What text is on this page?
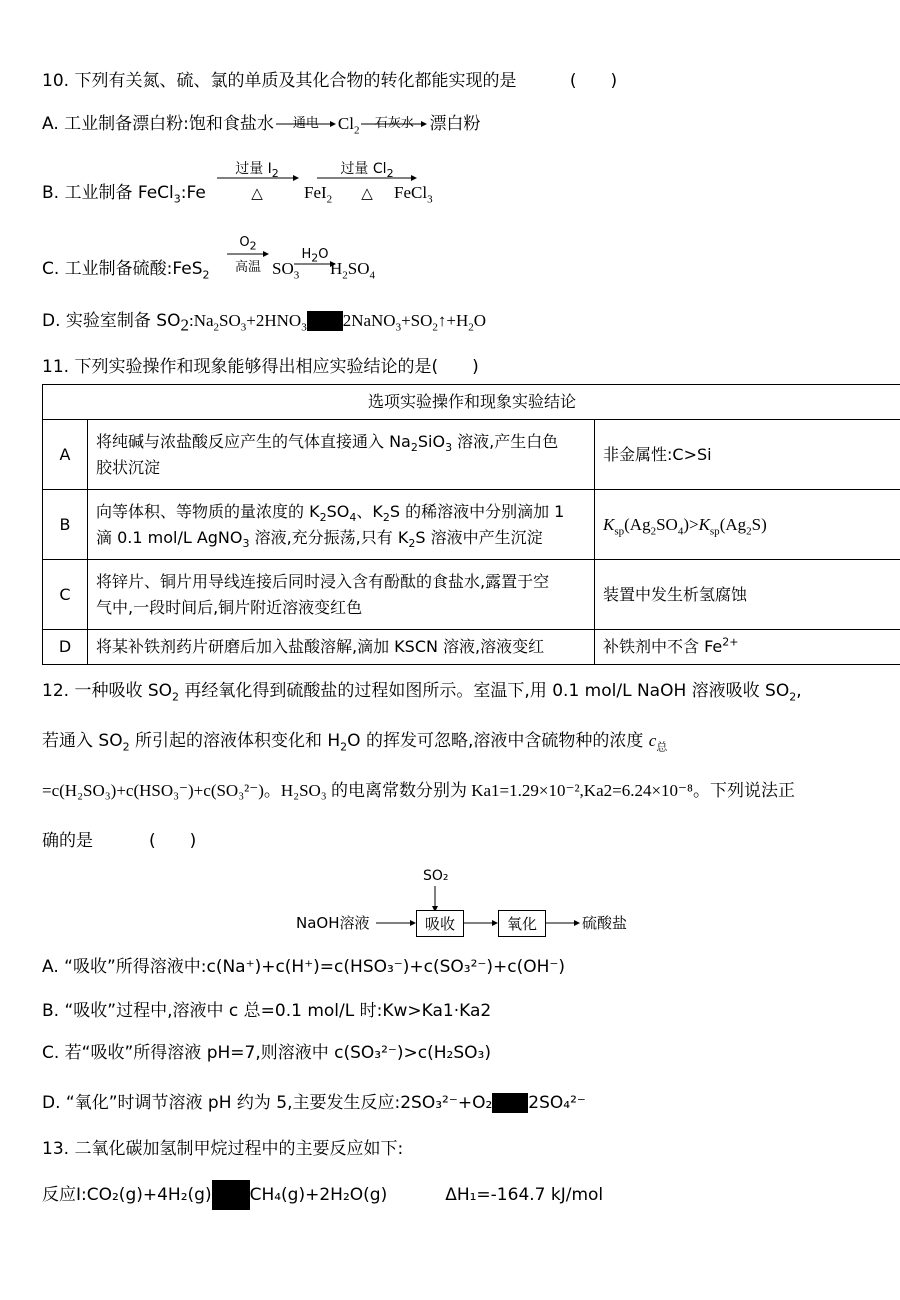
10. 下列有关氮、硫、氯的单质及其化合物的转化都能实现的是	(　　)
A. 工业制备漂白粉:饱和食盐水	通电	$Cl_2$	石灰水 漂白粉
B. 工业制备 FeCl$_3$:Fe
过量 $I_2$
△	FeI$_2$
过量 $Cl_2$
△	FeCl$_3$
C. 工业制备硫酸:FeS$_2$
$O_2$
高温 $SO_3$
$H_2O$
$H_2SO_4$
D. 实验室制备 $SO_2:Na_2SO_3+2HNO_3$ $2NaNO_3+SO_2↑+H_2O$
11. 下列实验操作和现象能够得出相应实验结论的是(　　)
选项实验操作和现象实验结论		
A	将纯碱与浓盐酸反应产生的气体直接通入 $Na_2SiO_3$ 溶液,产生白色
胶状沉淀	非金属性:C>Si
B	向等体积、等物质的量浓度的 $K_2SO_4$、$K_2S$ 的稀溶液中分别滴加 1
滴 0.1 mol/L AgNO$_3$ 溶液,充分振荡,只有 $K_2S$ 溶液中产生沉淀	$K_{sp}(Ag_2SO_4)>K_{sp}(Ag_2S)$
C	将锌片、铜片用导线连接后同时浸入含有酚酞的食盐水,露置于空
气中,一段时间后,铜片附近溶液变红色	装置中发生析氢腐蚀
D	将某补铁剂药片研磨后加入盐酸溶解,滴加 KSCN 溶液,溶液变红	补铁剂中不含 $Fe^{2+}$
12. 一种吸收 $SO_2$ 再经氧化得到硫酸盐的过程如图所示。室温下,用 0.1 mol/L NaOH 溶液吸收 $SO_2$,
若通入 $SO_2$ 所引起的溶液体积变化和 $H_2O$ 的挥发可忽略,溶液中含硫物种的浓度 $c_总$
=c(H₂SO₃)+c(HSO₃⁻)+c(SO₃²⁻)。H₂SO₃ 的电离常数分别为 Ka1=1.29×10⁻²,Ka2=6.24×10⁻⁸。下列说法正
确的是	(　　)
SO₂
NaOH溶液	吸收	氧化	硫酸盐
A. “吸收”所得溶液中:c(Na⁺)+c(H⁺)=c(HSO₃⁻)+c(SO₃²⁻)+c(OH⁻)
B. “吸收”过程中,溶液中 c 总=0.1 mol/L 时:Kw>Ka1·Ka2
C. 若“吸收”所得溶液 pH=7,则溶液中 c(SO₃²⁻)>c(H₂SO₃)
D. “氧化”时调节溶液 pH 约为 5,主要发生反应:2SO₃²⁻+O₂ 2SO₄²⁻
13. 二氧化碳加氢制甲烷过程中的主要反应如下:
反应I:CO₂(g)+4H₂(g) CH₄(g)+2H₂O(g)	ΔH₁=-164.7 kJ/mol
